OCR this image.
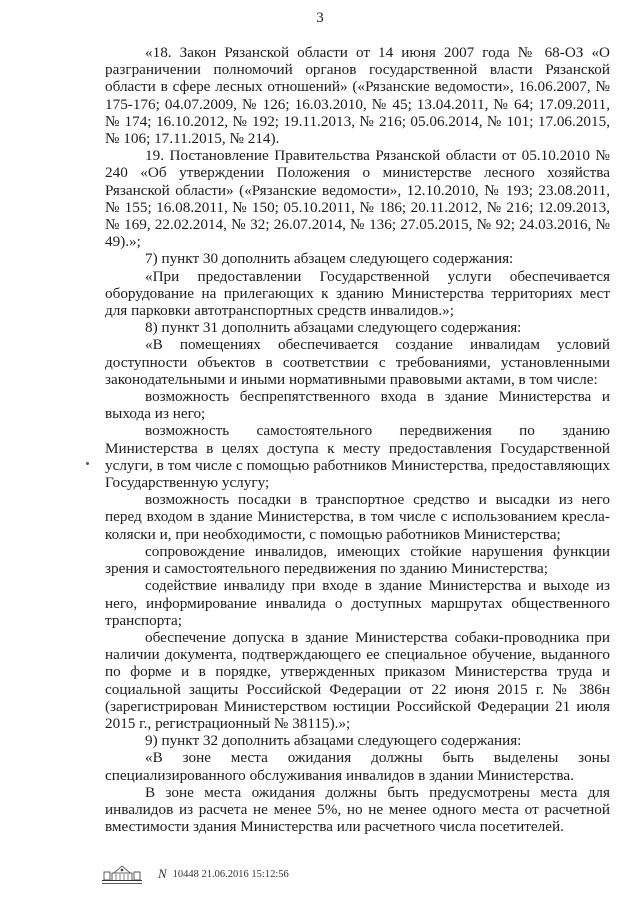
3

«18. Закон Рязанской области от 14 июня 2007 года № 68-ОЗ «О разграничении полномочий органов государственной власти Рязанской области в сфере лесных отношений» («Рязанские ведомости», 16.06.2007, № 175-176; 04.07.2009, № 126; 16.03.2010, № 45; 13.04.2011, № 64; 17.09.2011, № 174; 16.10.2012, № 192; 19.11.2013, № 216; 05.06.2014, № 101; 17.06.2015, № 106; 17.11.2015, № 214).

19. Постановление Правительства Рязанской области от 05.10.2010 № 240 «Об утверждении Положения о министерстве лесного хозяйства Рязанской области» («Рязанские ведомости», 12.10.2010, № 193; 23.08.2011, № 155; 16.08.2011, № 150; 05.10.2011, № 186; 20.11.2012, № 216; 12.09.2013, № 169, 22.02.2014, № 32; 26.07.2014, № 136; 27.05.2015, № 92; 24.03.2016, № 49).»;

7) пункт 30 дополнить абзацем следующего содержания:

«При предоставлении Государственной услуги обеспечивается оборудование на прилегающих к зданию Министерства территориях мест для парковки автотранспортных средств инвалидов.»;

8) пункт 31 дополнить абзацами следующего содержания:

«В помещениях обеспечивается создание инвалидам условий доступности объектов в соответствии с требованиями, установленными законодательными и иными нормативными правовыми актами, в том числе:

возможность беспрепятственного входа в здание Министерства и выхода из него;

возможность самостоятельного передвижения по зданию Министерства в целях доступа к месту предоставления Государственной услуги, в том числе с помощью работников Министерства, предоставляющих Государственную услугу;

возможность посадки в транспортное средство и высадки из него перед входом в здание Министерства, в том числе с использованием кресла-коляски и, при необходимости, с помощью работников Министерства;

сопровождение инвалидов, имеющих стойкие нарушения функции зрения и самостоятельного передвижения по зданию Министерства;

содействие инвалиду при входе в здание Министерства и выходе из него, информирование инвалида о доступных маршрутах общественного транспорта;

обеспечение допуска в здание Министерства собаки-проводника при наличии документа, подтверждающего ее специальное обучение, выданного по форме и в порядке, утвержденных приказом Министерства труда и социальной защиты Российской Федерации от 22 июня 2015 г. № 386н (зарегистрирован Министерством юстиции Российской Федерации 21 июля 2015 г., регистрационный № 38115).»;

9) пункт 32 дополнить абзацами следующего содержания:

«В зоне места ожидания должны быть выделены зоны специализированного обслуживания инвалидов в здании Министерства.

В зоне места ожидания должны быть предусмотрены места для инвалидов из расчета не менее 5%, но не менее одного места от расчетной вместимости здания Министерства или расчетного числа посетителей.

N 10448 21.06.2016 15:12:56
